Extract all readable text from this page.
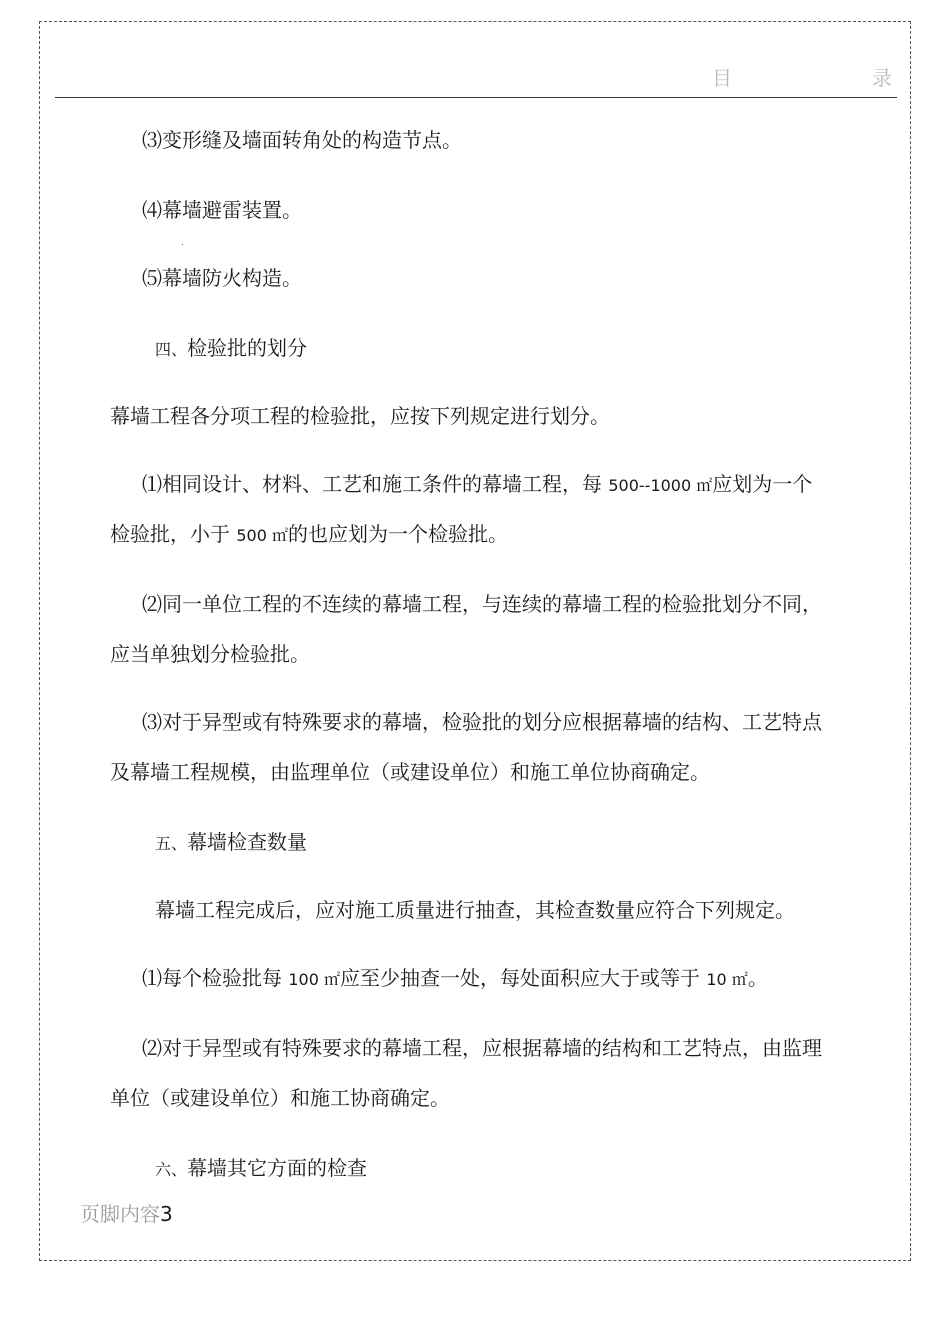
目	录
⑶变形缝及墙面转角处的构造节点。
⑷幕墙避雷装置。
⑸幕墙防火构造。
四、检验批的划分
幕墙工程各分项工程的检验批，应按下列规定进行划分。
⑴相同设计、材料、工艺和施工条件的幕墙工程，每 500--1000 ㎡应划为一个
检验批，小于 500 ㎡的也应划为一个检验批。
⑵同一单位工程的不连续的幕墙工程，与连续的幕墙工程的检验批划分不同，
应当单独划分检验批。
⑶对于异型或有特殊要求的幕墙，检验批的划分应根据幕墙的结构、工艺特点
及幕墙工程规模，由监理单位（或建设单位）和施工单位协商确定。
五、幕墙检查数量
幕墙工程完成后，应对施工质量进行抽查，其检查数量应符合下列规定。
⑴每个检验批每 100 ㎡应至少抽查一处，每处面积应大于或等于 10 ㎡。
⑵对于异型或有特殊要求的幕墙工程，应根据幕墙的结构和工艺特点，由监理
单位（或建设单位）和施工协商确定。
六、幕墙其它方面的检查
页脚内容3
